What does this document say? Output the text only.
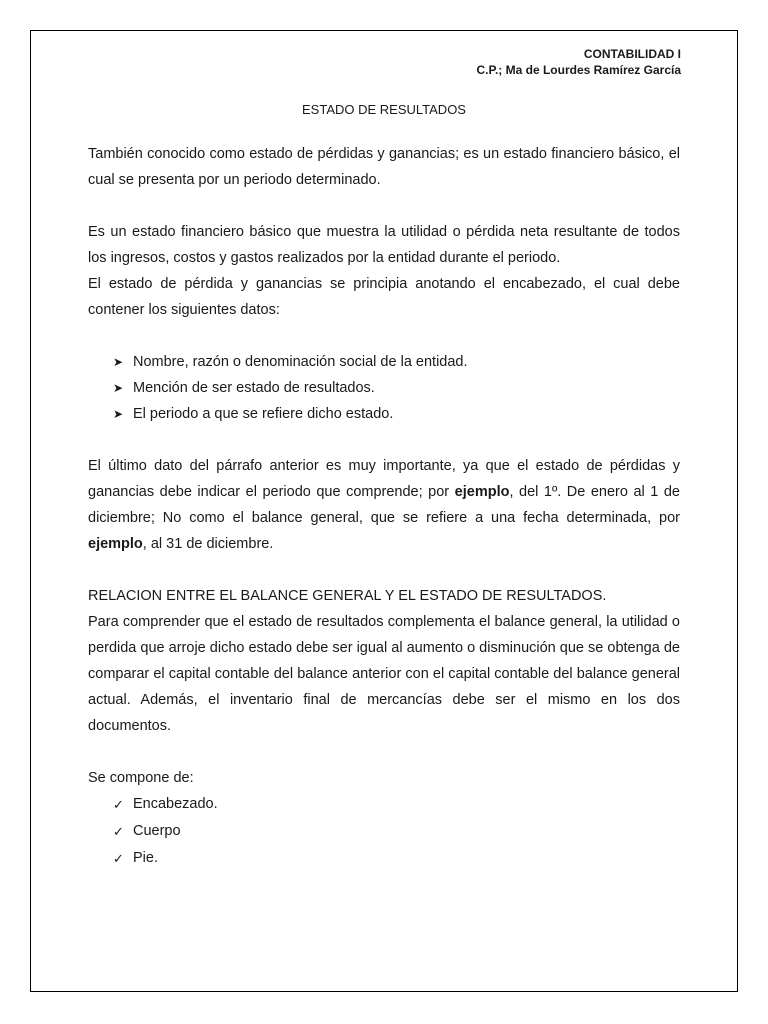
CONTABILIDAD I
C.P.; Ma de Lourdes Ramírez García
ESTADO DE RESULTADOS

También conocido como estado de pérdidas y ganancias; es un estado financiero básico, el cual se presenta por un periodo determinado.

Es un estado financiero básico que muestra la utilidad o pérdida neta resultante de todos los ingresos, costos y gastos realizados por la entidad durante el periodo.

El estado de pérdida y ganancias se principia anotando el encabezado, el cual debe contener los siguientes datos:

➤ Nombre, razón o denominación social de la entidad.
➤ Mención de ser estado de resultados.
➤ El periodo a que se refiere dicho estado.

El último dato del párrafo anterior es muy importante, ya que el estado de pérdidas y ganancias debe indicar el periodo que comprende; por ejemplo, del 1º. De enero al 1 de diciembre; No como el balance general, que se refiere a una fecha determinada, por ejemplo, al 31 de diciembre.

RELACION ENTRE EL BALANCE GENERAL Y EL ESTADO DE RESULTADOS.

Para comprender que el estado de resultados complementa el balance general, la utilidad o perdida que arroje dicho estado debe ser igual al aumento o disminución que se obtenga de comparar el capital contable del balance anterior con el capital contable del balance general actual. Además, el inventario final de mercancías debe ser el mismo en los dos documentos.

Se compone de:

✓ Encabezado.
✓ Cuerpo
✓ Pie.
